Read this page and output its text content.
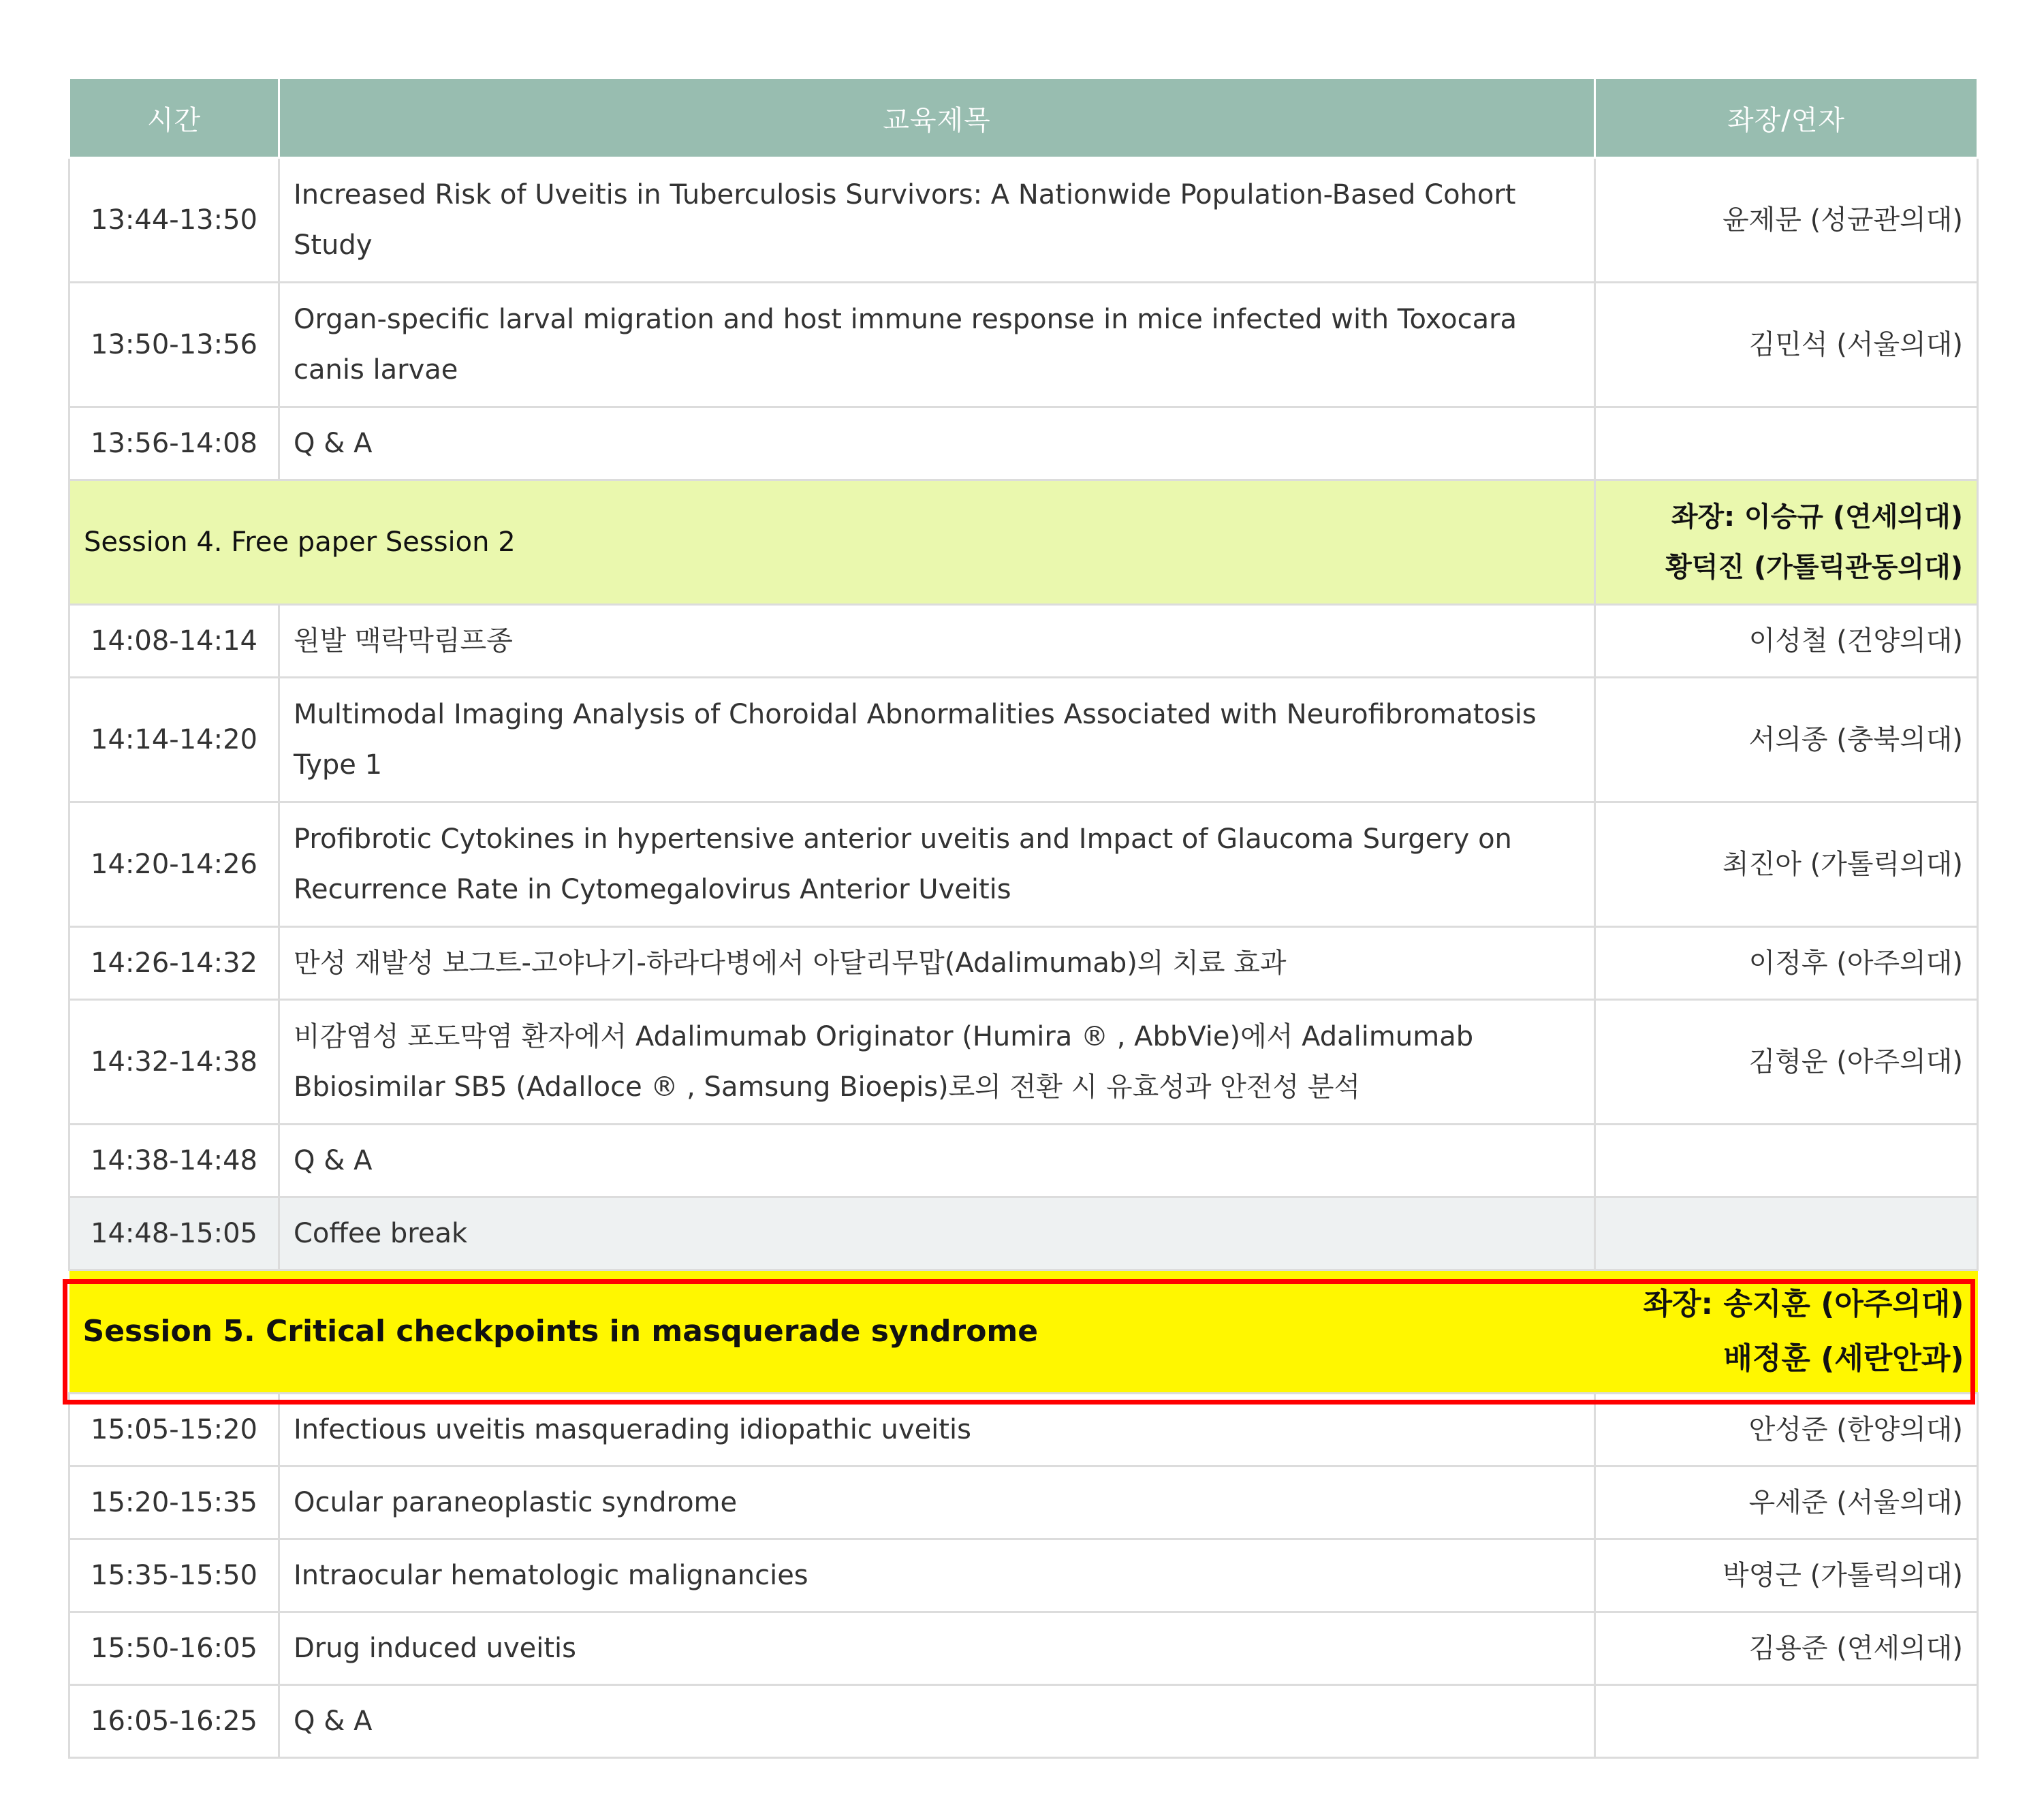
시간	교육제목	좌장/연자
13:44-13:50	Increased Risk of Uveitis in Tuberculosis Survivors: A Nationwide Population-Based Cohort Study	윤제문 (성균관의대)
13:50-13:56	Organ-specific larval migration and host immune response in mice infected with Toxocara canis larvae	김민석 (서울의대)
13:56-14:08	Q & A	
Session 4. Free paper Session 2		좌장: 이승규 (연세의대)
황덕진 (가톨릭관동의대)

14:08-14:14	원발 맥락막림프종	이성철 (건양의대)
14:14-14:20	Multimodal Imaging Analysis of Choroidal Abnormalities Associated with Neurofibromatosis Type 1	서의종 (충북의대)
14:20-14:26	Profibrotic Cytokines in hypertensive anterior uveitis and Impact of Glaucoma Surgery on Recurrence Rate in Cytomegalovirus Anterior Uveitis	최진아 (가톨릭의대)
14:26-14:32	만성 재발성 보그트-고야나기-하라다병에서 아달리무맙(Adalimumab)의 치료 효과	이정후 (아주의대)
14:32-14:38	비감염성 포도막염 환자에서 Adalimumab Originator (Humira ® , AbbVie)에서 Adalimumab Bbiosimilar SB5 (Adalloce ® , Samsung Bioepis)로의 전환 시 유효성과 안전성 분석	김형운 (아주의대)
14:38-14:48	Q & A	
14:48-15:05	Coffee break	
Session 5. Critical checkpoints in masquerade syndrome		좌장: 송지훈 (아주의대)
배정훈 (세란안과)

15:05-15:20	Infectious uveitis masquerading idiopathic uveitis	안성준 (한양의대)
15:20-15:35	Ocular paraneoplastic syndrome	우세준 (서울의대)
15:35-15:50	Intraocular hematologic malignancies	박영근 (가톨릭의대)
15:50-16:05	Drug induced uveitis	김용준 (연세의대)
16:05-16:25	Q & A	
